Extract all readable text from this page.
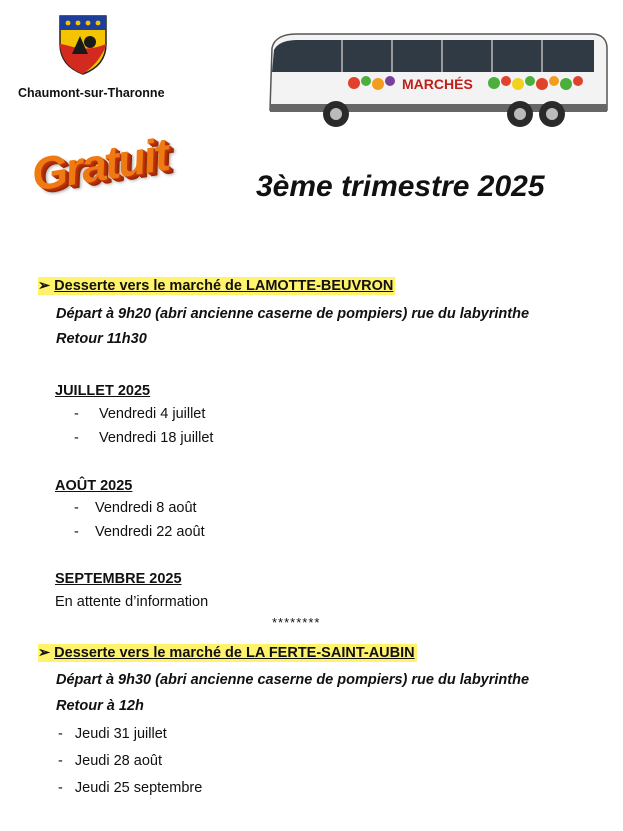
Chaumont-sur-Tharonne
MARCHÉS
Gratuit	3ème trimestre 2025
➢ Desserte vers le marché de LAMOTTE-BEUVRON
Départ à 9h20 (abri ancienne caserne de pompiers) rue du labyrinthe
Retour 11h30
JUILLET 2025
-     Vendredi 4 juillet
-     Vendredi 18 juillet
AOÛT 2025
-    Vendredi 8 août
-    Vendredi 22 août
SEPTEMBRE 2025
En attente d’information
********
➢ Desserte vers le marché de LA FERTE-SAINT-AUBIN
Départ à 9h30 (abri ancienne caserne de pompiers) rue du labyrinthe
Retour à 12h
-   Jeudi 31 juillet
-   Jeudi 28 août
-   Jeudi 25 septembre
